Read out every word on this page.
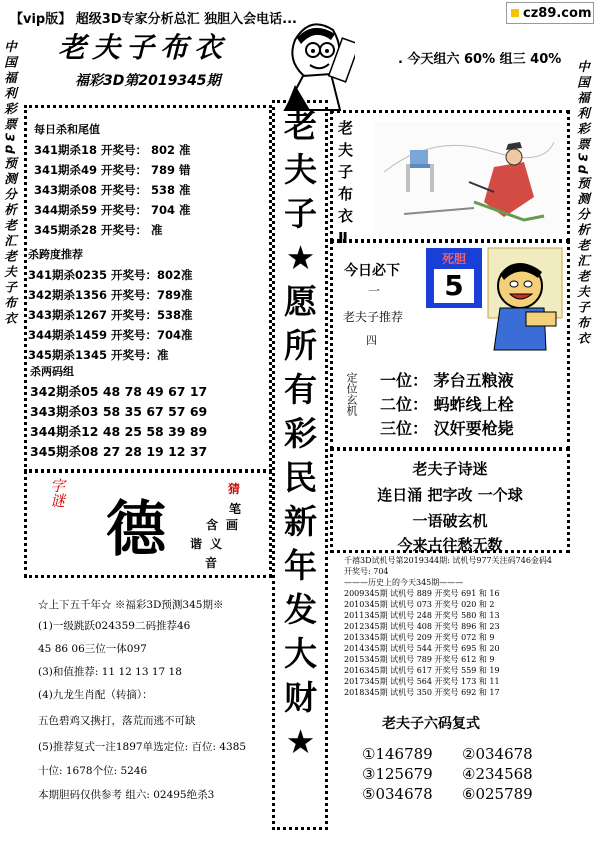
【vip版】 超级3D专家分析总汇 独胆入会电话...	cz89.com
老夫子布衣
福彩3D第2019345期
. 今天组六 60% 组三 40%
中国福利彩票3d预测分析老汇老夫子布衣	中国福利彩票3d预测分析老汇老夫子布衣
每日杀和尾值
341期杀18 开奖号： 802 准
341期杀49 开奖号： 789 错
343期杀08 开奖号： 538 准
344期杀59 开奖号： 704 准
345期杀28 开奖号： 准
杀跨度推荐
341期杀0235 开奖号：802准
342期杀1356 开奖号：789准
343期杀1267 开奖号：538准
344期杀1459 开奖号：704准
345期杀1345 开奖号：准
杀两码组
342期杀05 48 78 49 67 17
343期杀03 58 35 67 57 69
344期杀12 48 25 58 39 89
345期杀08 27 28 19 12 37
字谜
德
猜
笔
画
含
谐 义
音
☆上下五千年☆ ※福彩3D预测345期※
(1)一级跳跃024359二码推荐46
45 86 06三位一体097
(3)和值推荐: 11 12 13 17 18
(4)九龙生肖配（转摘）：
五色碧鸡又携打，落荒而逃不可缺
(5)推荐复式一注1897单选定位: 百位: 4385
十位: 1678个位: 5246
本期胆码仅供参考 组六: 02495绝杀3
老
夫
子
★
愿
所
有
彩
民
新
年
发
大
财
★
老
夫
子
布
衣
Ⅱ
今日必下
一
老夫子推荐
四
死胆
5
定位玄机 一位： 茅台五粮液
二位： 蚂蚱线上栓
三位： 汉奸要枪毙
老夫子诗迷
连日涌 把字改 一个球
一语破玄机
今来古往愁无数
千禧3D试机号第2019344期: 试机号977关注码746金码4
开奖号: 704
———历史上的今天345期———
2009345期 试机号 889 开奖号 691 和 16
2010345期 试机号 073 开奖号 020 和 2
2011345期 试机号 248 开奖号 580 和 13
2012345期 试机号 408 开奖号 896 和 23
2013345期 试机号 209 开奖号 072 和 9
2014345期 试机号 544 开奖号 695 和 20
2015345期 试机号 789 开奖号 612 和 9
2016345期 试机号 617 开奖号 559 和 19
2017345期 试机号 564 开奖号 173 和 11
2018345期 试机号 350 开奖号 692 和 17
老夫子六码复式
①146789 ②034678
③125679 ④234568
⑤034678 ⑥025789
